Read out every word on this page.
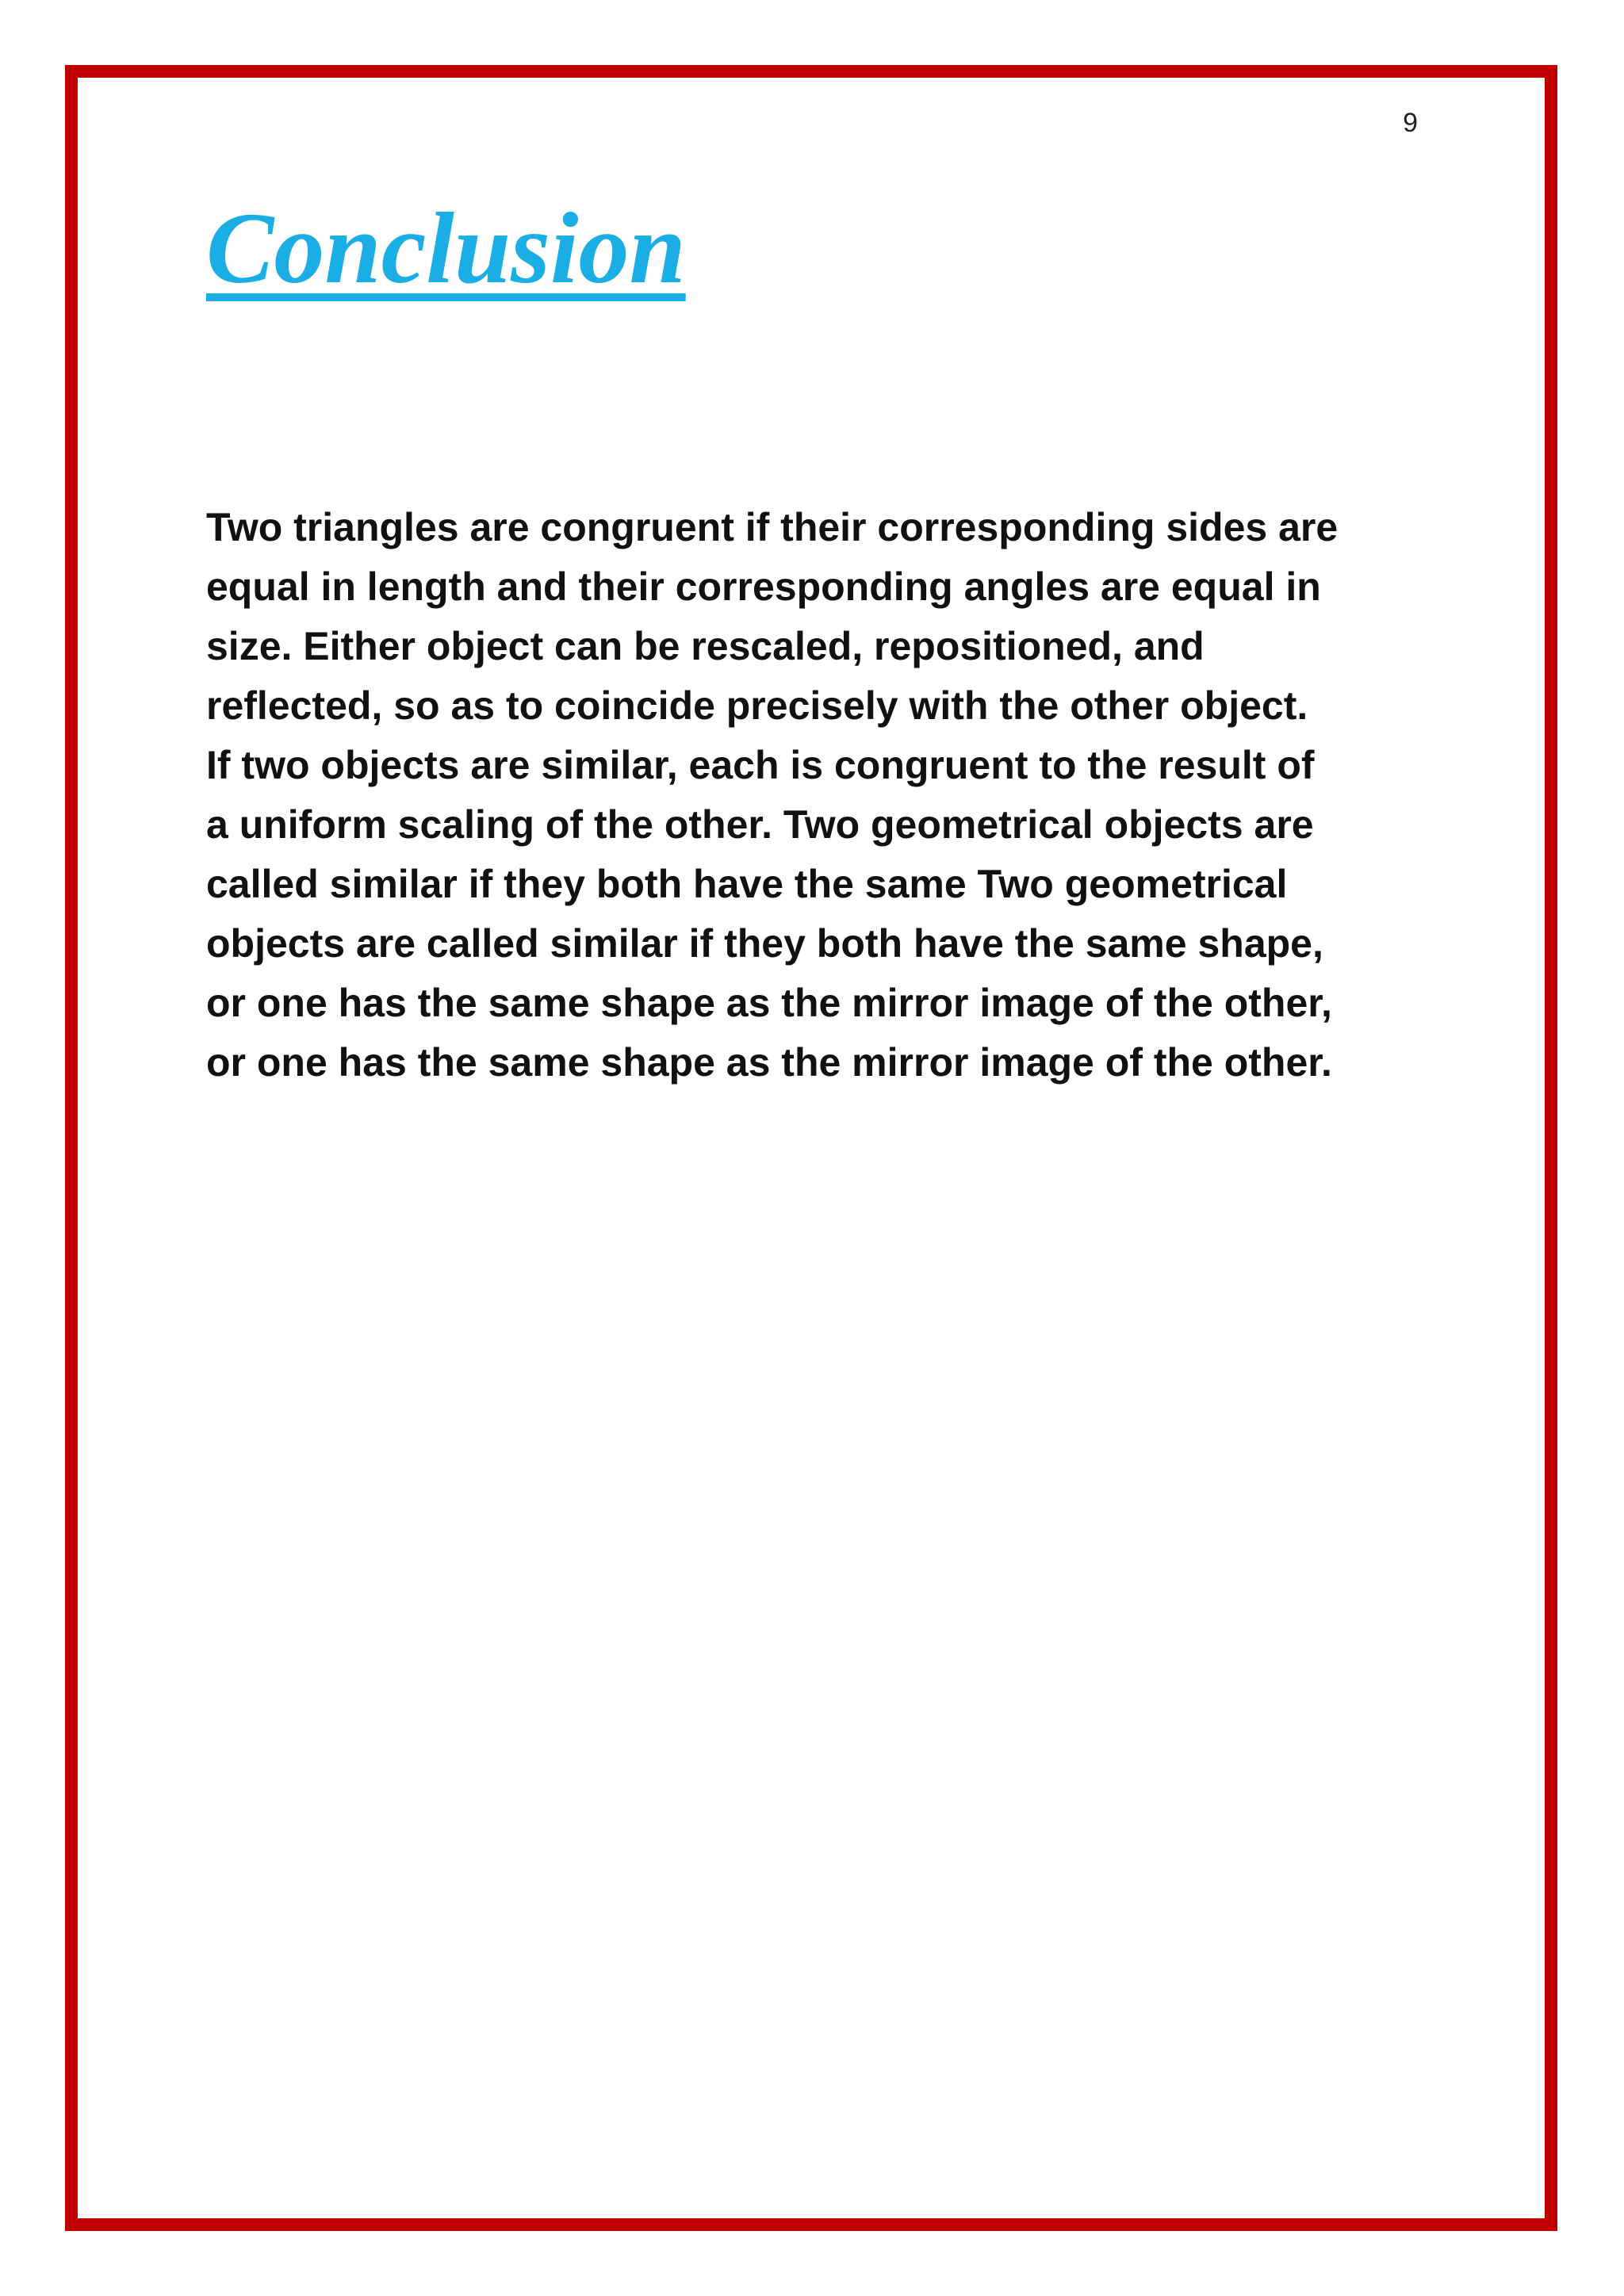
9
Conclusion

Two triangles are congruent if their corresponding sides are
equal in length and their corresponding angles are equal in
size. Either object can be rescaled, repositioned, and
reflected, so as to coincide precisely with the other object.
If two objects are similar, each is congruent to the result of
a uniform scaling of the other. Two geometrical objects are
called similar if they both have the same Two geometrical
objects are called similar if they both have the same shape,
or one has the same shape as the mirror image of the other,
or one has the same shape as the mirror image of the other.
